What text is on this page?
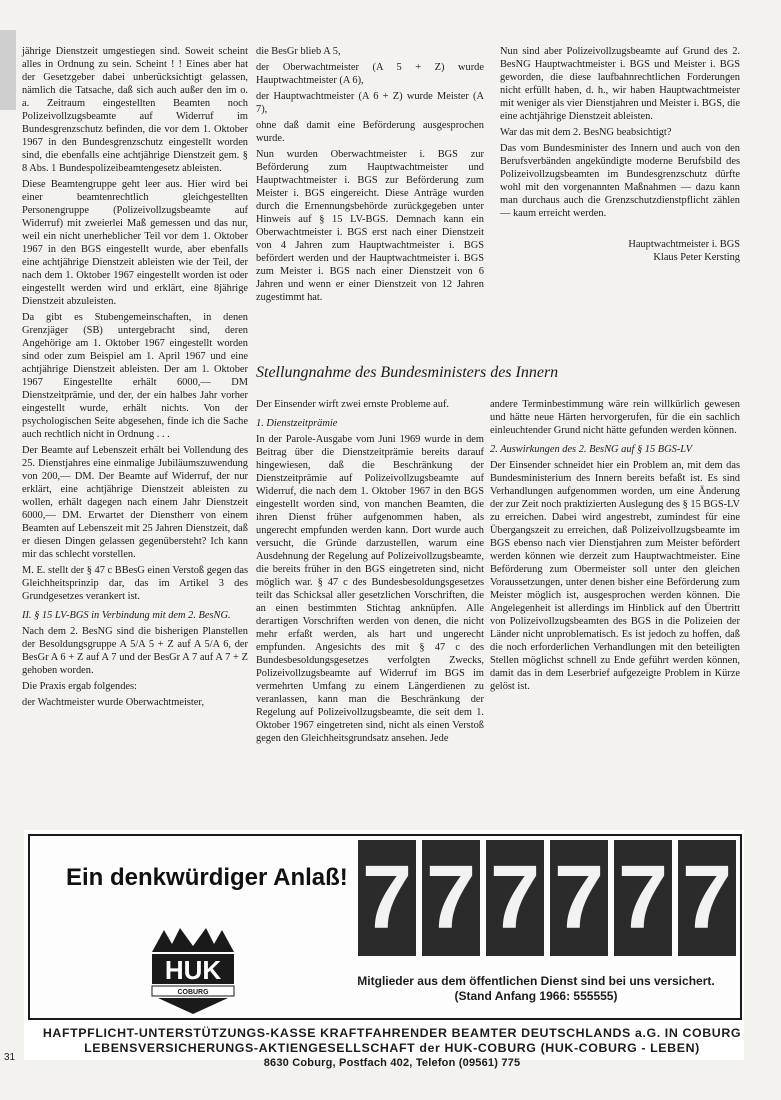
jährige Dienstzeit umgestiegen sind. Soweit scheint alles in Ordnung zu sein. Scheint ! ! Eines aber hat der Gesetzgeber dabei unberücksichtigt gelassen, nämlich die Tatsache, daß sich auch außer den im o. a. Zeitraum eingestellten Beamten noch Polizeivollzugsbeamte auf Widerruf im Bundesgrenzschutz befinden, die vor dem 1. Oktober 1967 in den Bundesgrenzschutz eingestellt worden sind, die ebenfalls eine achtjährige Dienstzeit gem. § 8 Abs. 1 Bundespolizeibeamtengesetz ableisten.

Diese Beamtengruppe geht leer aus. Hier wird bei einer beamtenrechtlich gleichgestellten Personengruppe (Polizeivollzugsbeamte auf Widerruf) mit zweierlei Maß gemessen und das nur, weil ein nicht unerheblicher Teil vor dem 1. Oktober 1967 in den BGS eingestellt wurde, aber ebenfalls eine achtjährige Dienstzeit ableisten wie der Teil, der nach dem 1. Oktober 1967 eingestellt worden ist oder eingestellt werden wird und erklärt, eine 8jährige Dienstzeit abzuleisten.

Da gibt es Stubengemeinschaften, in denen Grenzjäger (SB) untergebracht sind, deren Angehörige am 1. Oktober 1967 eingestellt worden sind oder zum Beispiel am 1. April 1967 und eine achtjährige Dienstzeit ableisten. Der am 1. Oktober 1967 Eingestellte erhält 6000,— DM Dienstzeitprämie, und der, der ein halbes Jahr vorher eingestellt wurde, erhält nichts. Von der psychologischen Seite abgesehen, finde ich die Sache auch rechtlich nicht in Ordnung . . .

Der Beamte auf Lebenszeit erhält bei Vollendung des 25. Dienstjahres eine einmalige Jubiläumszuwendung von 200,— DM. Der Beamte auf Widerruf, der nur erklärt, eine achtjährige Dienstzeit ableisten zu wollen, erhält dagegen nach einem Jahr Dienstzeit 6000,— DM. Erwartet der Dienstherr von einem Beamten auf Lebenszeit mit 25 Jahren Dienstzeit, daß er diesen Dingen gelassen gegenübersteht? Ich kann mir das schlecht vorstellen.

M. E. stellt der § 47 c BBesG einen Verstoß gegen das Gleichheitsprinzip dar, das im Artikel 3 des Grundgesetzes verankert ist.

II. § 15 LV-BGS in Verbindung mit dem 2. BesNG.

Nach dem 2. BesNG sind die bisherigen Planstellen der Besoldungsgruppe A 5/A 5 + Z auf A 5/A 6, der BesGr A 6 + Z auf A 7 und der BesGr A 7 auf A 7 + Z gehoben worden.

Die Praxis ergab folgendes:

der Wachtmeister wurde Oberwachtmeister,

die BesGr blieb A 5,

der Oberwachtmeister (A 5 + Z) wurde Hauptwachtmeister (A 6),

der Hauptwachtmeister (A 6 + Z) wurde Meister (A 7),

ohne daß damit eine Beförderung ausgesprochen wurde.

Nun wurden Oberwachtmeister i. BGS zur Beförderung zum Hauptwachtmeister und Hauptwachtmeister i. BGS zur Beförderung zum Meister i. BGS eingereicht. Diese Anträge wurden durch die Ernennungsbehörde zurückgegeben unter Hinweis auf § 15 LV-BGS. Demnach kann ein Oberwachtmeister i. BGS erst nach einer Dienstzeit von 4 Jahren zum Hauptwachtmeister i. BGS befördert werden und der Hauptwachtmeister i. BGS zum Meister i. BGS nach einer Dienstzeit von 6 Jahren und wenn er einer Dienstzeit von 12 Jahren zugestimmt hat.

Nun sind aber Polizeivollzugsbeamte auf Grund des 2. BesNG Hauptwachtmeister i. BGS und Meister i. BGS geworden, die diese laufbahnrechtlichen Forderungen nicht erfüllt haben, d. h., wir haben Hauptwachtmeister mit weniger als vier Dienstjahren und Meister i. BGS, die eine achtjährige Dienstzeit ableisten.

War das mit dem 2. BesNG beabsichtigt?

Das vom Bundesminister des Innern und auch von den Berufsverbänden angekündigte moderne Berufsbild des Polizeivollzugsbeamten im Bundesgrenzschutz dürfte wohl mit den vorgenannten Maßnahmen — dazu kann man durchaus auch die Grenzschutzdienstpflicht zählen — kaum erreicht werden.

Hauptwachtmeister i. BGS
Klaus Peter Kersting
Stellungnahme des Bundesministers des Innern

Der Einsender wirft zwei ernste Probleme auf.

1. Dienstzeitprämie

In der Parole-Ausgabe vom Juni 1969 wurde in dem Beitrag über die Dienstzeitprämie bereits darauf hingewiesen, daß die Beschränkung der Dienstzeitprämie auf Polizeivollzugsbeamte auf Widerruf, die nach dem 1. Oktober 1967 in den BGS eingestellt worden sind, von manchen Beamten, die ihren Dienst früher aufgenommen haben, als ungerecht empfunden werden kann. Dort wurde auch versucht, die Gründe darzustellen, warum eine Ausdehnung der Regelung auf Polizeivollzugsbeamte, die bereits früher in den BGS eingetreten sind, nicht möglich war. § 47 c des Bundesbesoldungsgesetzes teilt das Schicksal aller gesetzlichen Vorschriften, die an einen bestimmten Stichtag anknüpfen. Alle derartigen Vorschriften werden von denen, die nicht mehr erfaßt werden, als hart und ungerecht empfunden. Angesichts des mit § 47 c des Bundesbesoldungsgesetzes verfolgten Zwecks, Polizeivollzugsbeamte auf Widerruf im BGS im vermehrten Umfang zu einem Längerdienen zu veranlassen, kann man die Beschränkung der Regelung auf Polizeivollzugsbeamte, die seit dem 1. Oktober 1967 eingetreten sind, nicht als einen Verstoß gegen den Gleichheitsgrundsatz ansehen. Jede

andere Terminbestimmung wäre rein willkürlich gewesen und hätte neue Härten hervorgerufen, für die ein sachlich einleuchtender Grund nicht hätte gefunden werden können.

2. Auswirkungen des 2. BesNG auf § 15 BGS-LV

Der Einsender schneidet hier ein Problem an, mit dem das Bundesministerium des Innern bereits befaßt ist. Es sind Verhandlungen aufgenommen worden, um eine Änderung der zur Zeit noch praktizierten Auslegung des § 15 BGS-LV zu erreichen. Dabei wird angestrebt, zumindest für eine Übergangszeit zu erreichen, daß Polizeivollzugsbeamte im BGS ebenso nach vier Dienstjahren zum Meister befördert werden können wie derzeit zum Hauptwachtmeister. Eine Beförderung zum Obermeister soll unter den gleichen Voraussetzungen, unter denen bisher eine Beförderung zum Meister möglich ist, ausgesprochen werden können. Die Angelegenheit ist allerdings im Hinblick auf den Übertritt von Polizeivollzugsbeamten des BGS in die Polizeien der Länder nicht unproblematisch. Es ist jedoch zu hoffen, daß die noch erforderlichen Verhandlungen mit den beteiligten Stellen möglichst schnell zu Ende geführt werden können, damit das in dem Leserbrief aufgezeigte Problem in Kürze gelöst ist.

Ein denkwürdiger Anlaß!
HUK
COBURG
7 7 7 7 7 7
Mitglieder aus dem öffentlichen Dienst sind bei uns versichert.
(Stand Anfang 1966: 555555)
HAFTPFLICHT-UNTERSTÜTZUNGS-KASSE KRAFTFAHRENDER BEAMTER DEUTSCHLANDS a.G. IN COBURG
LEBENSVERSICHERUNGS-AKTIENGESELLSCHAFT der HUK-COBURG (HUK-COBURG - LEBEN)
8630 Coburg, Postfach 402, Telefon (09561) 775
31
